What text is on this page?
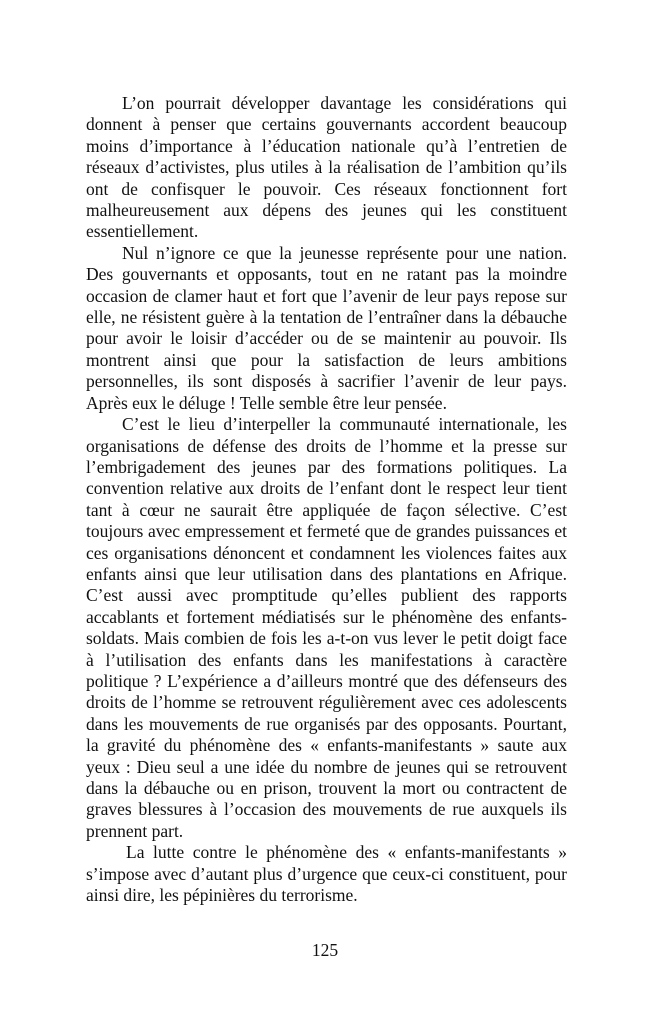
L’on pourrait développer davantage les considérations qui donnent à penser que certains gouvernants accordent beaucoup moins d’importance à l’éducation nationale qu’à l’entretien de réseaux d’activistes, plus utiles à la réalisation de l’ambition qu’ils ont de confisquer le pouvoir. Ces réseaux fonctionnent fort malheureusement aux dépens des jeunes qui les constituent essentiellement.

Nul n’ignore ce que la jeunesse représente pour une nation. Des gouvernants et opposants, tout en ne ratant pas la moindre occasion de clamer haut et fort que l’avenir de leur pays repose sur elle, ne résistent guère à la tentation de l’entraîner dans la débauche pour avoir le loisir d’accéder ou de se maintenir au pouvoir. Ils montrent ainsi que pour la satisfaction de leurs ambitions personnelles, ils sont disposés à sacrifier l’avenir de leur pays. Après eux le déluge ! Telle semble être leur pensée.

C’est le lieu d’interpeller la communauté internationale, les organisations de défense des droits de l’homme et la presse sur l’embrigadement des jeunes par des formations politiques. La convention relative aux droits de l’enfant dont le respect leur tient tant à cœur ne saurait être appliquée de façon sélective. C’est toujours avec empressement et fermeté que de grandes puissances et ces organisations dénoncent et condamnent les violences faites aux enfants ainsi que leur utilisation dans des plantations en Afrique. C’est aussi avec promptitude qu’elles publient des rapports accablants et fortement médiatisés sur le phénomène des enfants-soldats. Mais combien de fois les a-t-on vus lever le petit doigt face à l’utilisation des enfants dans les manifestations à caractère politique ? L’expérience a d’ailleurs montré que des défenseurs des droits de l’homme se retrouvent régulièrement avec ces adolescents dans les mouvements de rue organisés par des opposants. Pourtant, la gravité du phénomène des « enfants-manifestants » saute aux yeux : Dieu seul a une idée du nombre de jeunes qui se retrouvent dans la débauche ou en prison, trouvent la mort ou contractent de graves blessures à l’occasion des mouvements de rue auxquels ils prennent part.

La lutte contre le phénomène des « enfants-manifestants » s’impose avec d’autant plus d’urgence que ceux-ci constituent, pour ainsi dire, les pépinières du terrorisme.

125
